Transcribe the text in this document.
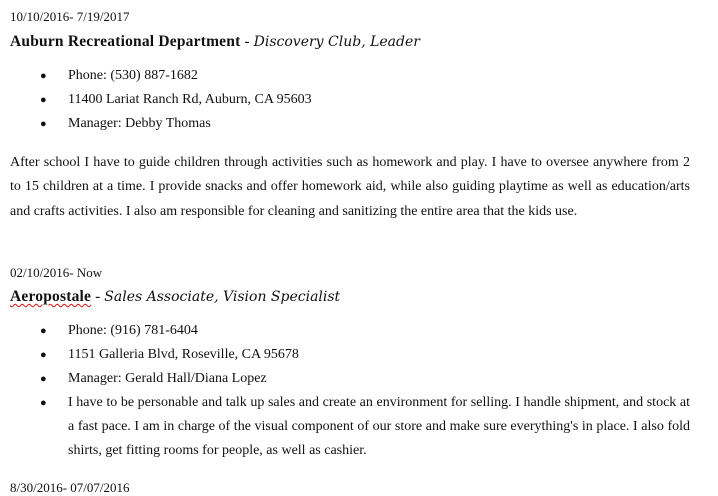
10/10/2016- 7/19/2017
Auburn Recreational Department - Discovery Club, Leader
● Phone: (530) 887-1682
● 11400 Lariat Ranch Rd, Auburn, CA 95603
● Manager: Debby Thomas

After school I have to guide children through activities such as homework and play. I have to oversee anywhere from 2 to 15 children at a time. I provide snacks and offer homework aid, while also guiding playtime as well as education/arts and crafts activities. I also am responsible for cleaning and sanitizing the entire area that the kids use.

02/10/2016- Now
Aeropostale - Sales Associate, Vision Specialist
● Phone: (916) 781-6404
● 1151 Galleria Blvd, Roseville, CA 95678
● Manager: Gerald Hall/Diana Lopez
● I have to be personable and talk up sales and create an environment for selling. I handle shipment, and stock at a fast pace. I am in charge of the visual component of our store and make sure everything's in place. I also fold shirts, get fitting rooms for people, as well as cashier.
8/30/2016- 07/07/2016
